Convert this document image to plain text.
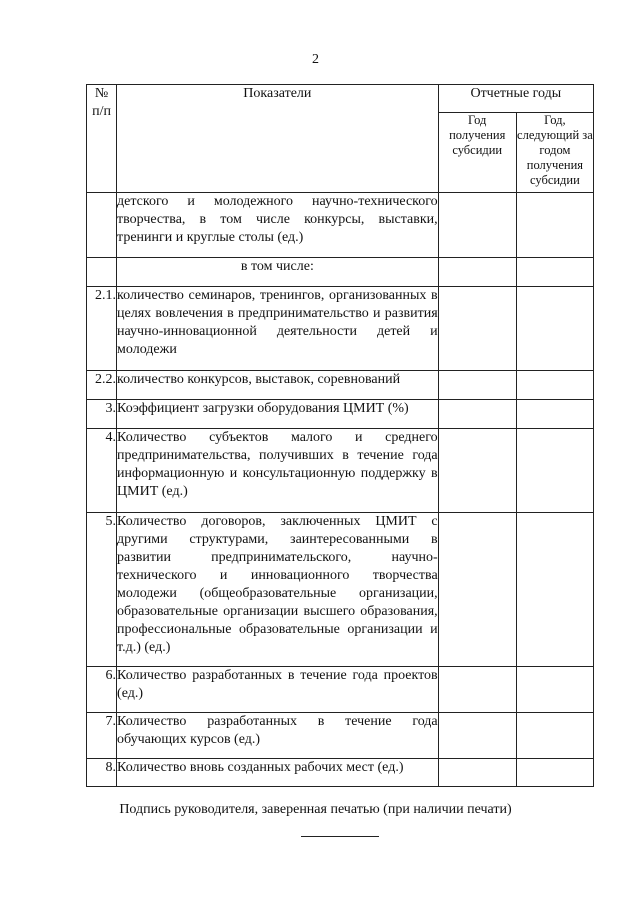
2
№
п/п	Показатели	Отчетные годы	
		Год получения субсидии	Год, следующий за годом получения субсидии
	детского и молодежного научно-технического творчества, в том числе конкурсы, выставки, тренинги и круглые столы (ед.)		
	в том числе:		
2.1.	количество семинаров, тренингов, организованных в целях вовлечения в предпринимательство и развития научно-инновационной деятельности детей и молодежи		
2.2.	количество конкурсов, выставок, соревнований		
3.	Коэффициент загрузки оборудования ЦМИТ (%)		
4.	Количество субъектов малого и среднего предпринимательства, получивших в течение года информационную и консультационную поддержку в ЦМИТ (ед.)		
5.	Количество договоров, заключенных ЦМИТ с другими структурами, заинтересованными в развитии предпринимательского, научно-технического и инновационного творчества молодежи (общеобразовательные организации, образовательные организации высшего образования, профессиональные образовательные организации и т.д.) (ед.)		
6.	Количество разработанных в течение года проектов (ед.)		
7.	Количество разработанных в течение года обучающих курсов (ед.)		
8.	Количество вновь созданных рабочих мест (ед.)		
Подпись руководителя, заверенная печатью (при наличии печати)
